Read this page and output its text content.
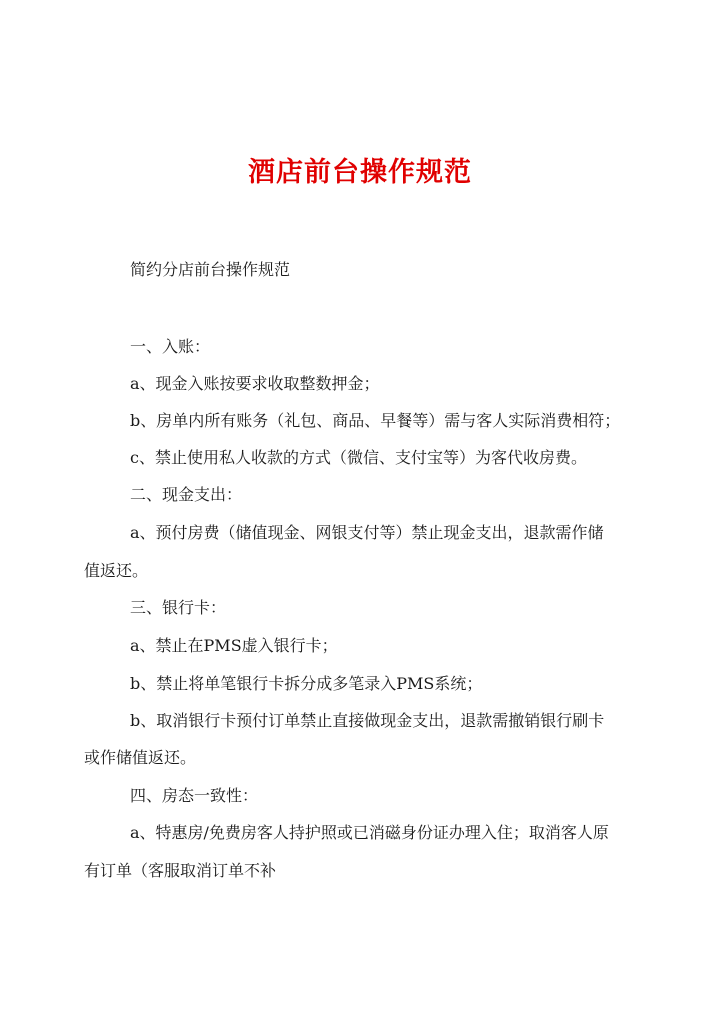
酒店前台操作规范
简约分店前台操作规范
一、入账：
a、现金入账按要求收取整数押金；
b、房单内所有账务（礼包、商品、早餐等）需与客人实际消费相符；
c、禁止使用私人收款的方式（微信、支付宝等）为客代收房费。
二、现金支出：
a、预付房费（储值现金、网银支付等）禁止现金支出，退款需作储
值返还。
三、银行卡：
a、禁止在PMS虚入银行卡；
b、禁止将单笔银行卡拆分成多笔录入PMS系统；
b、取消银行卡预付订单禁止直接做现金支出，退款需撤销银行刷卡
或作储值返还。
四、房态一致性：
a、特惠房/免费房客人持护照或已消磁身份证办理入住；取消客人原
有订单（客服取消订单不补
